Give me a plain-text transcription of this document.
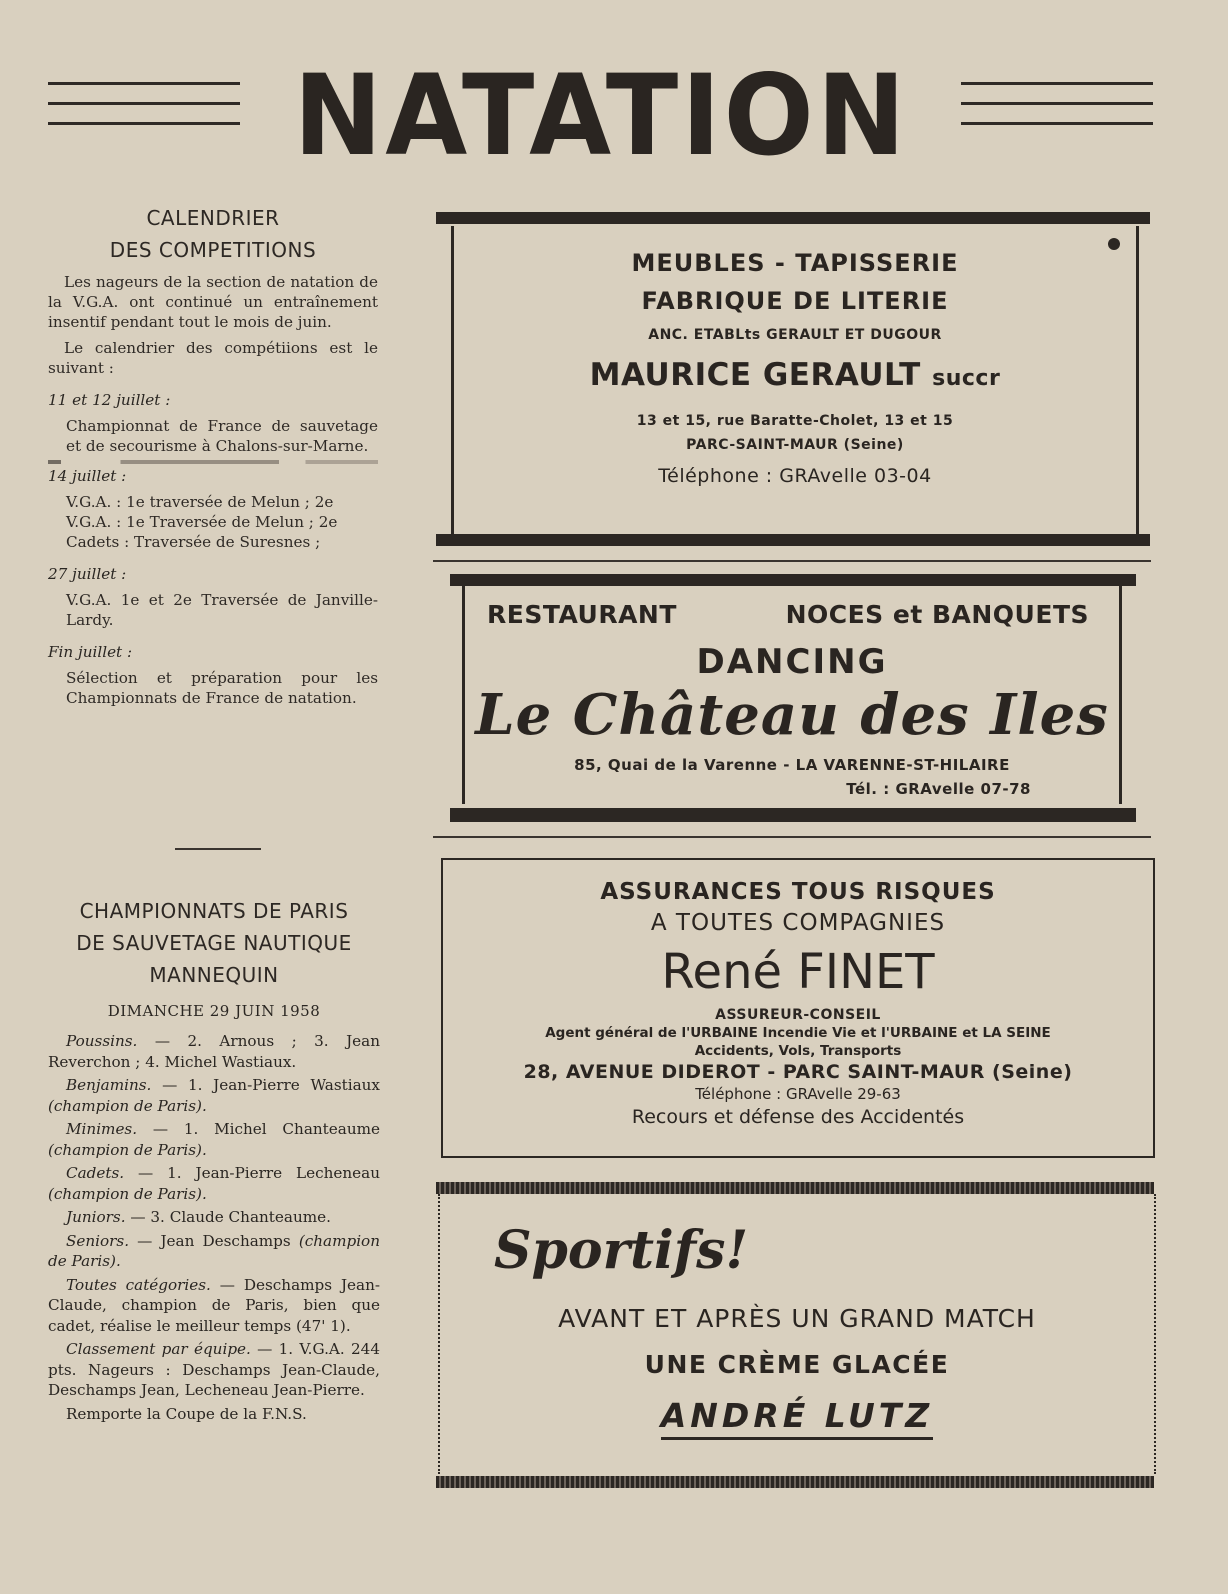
NATATION
CALENDRIER
DES COMPETITIONS
Les nageurs de la section de natation de la V.G.A. ont continué un entraînement insentif pendant tout le mois de juin.
Le calendrier des compétiions est le suivant :
11 et 12 juillet :
Championnat de France de sauvetage et de secourisme à Chalons-sur-Marne.
14 juillet :
V.G.A. : 1e traversée de Melun ; 2e
V.G.A. : 1e Traversée de Melun ; 2e
Cadets : Traversée de Suresnes ;
27 juillet :
V.G.A. 1e et 2e Traversée de Janville-Lardy.
Fin juillet :
Sélection et préparation pour les Championnats de France de natation.
CHAMPIONNATS DE PARIS
DE SAUVETAGE NAUTIQUE
MANNEQUIN
DIMANCHE 29 JUIN 1958

Poussins. — 2. Arnous ; 3. Jean Reverchon ; 4. Michel Wastiaux.

Benjamins. — 1. Jean-Pierre Wastiaux (champion de Paris).

Minimes. — 1. Michel Chanteaume (champion de Paris).

Cadets. — 1. Jean-Pierre Lecheneau (champion de Paris).

Juniors. — 3. Claude Chanteaume.

Seniors. — Jean Deschamps (champion de Paris).

Toutes catégories. — Deschamps Jean-Claude, champion de Paris, bien que cadet, réalise le meilleur temps (47' 1).

Classement par équipe. — 1. V.G.A. 244 pts. Nageurs : Deschamps Jean-Claude, Deschamps Jean, Lecheneau Jean-Pierre.

Remporte la Coupe de la F.N.S.

MEUBLES - TAPISSERIE
FABRIQUE DE LITERIE
ANC. ETABLts GERAULT ET DUGOUR
MAURICE GERAULT succr
13 et 15, rue Baratte-Cholet, 13 et 15
PARC-SAINT-MAUR (Seine)
Téléphone : GRAvelle 03-04
RESTAURANT	NOCES et BANQUETS
DANCING
Le Château des Iles
85, Quai de la Varenne - LA VARENNE-ST-HILAIRE
Tél. : GRAvelle 07-78
ASSURANCES TOUS RISQUES
A TOUTES COMPAGNIES
René FINET
ASSUREUR-CONSEIL
Agent général de l'URBAINE Incendie Vie et l'URBAINE et LA SEINE
Accidents, Vols, Transports
28, AVENUE DIDEROT - PARC SAINT-MAUR (Seine)
Téléphone : GRAvelle 29-63
Recours et défense des Accidentés
Sportifs!
AVANT ET APRÈS UN GRAND MATCH
UNE CRÈME GLACÉE
ANDRÉ LUTZ
